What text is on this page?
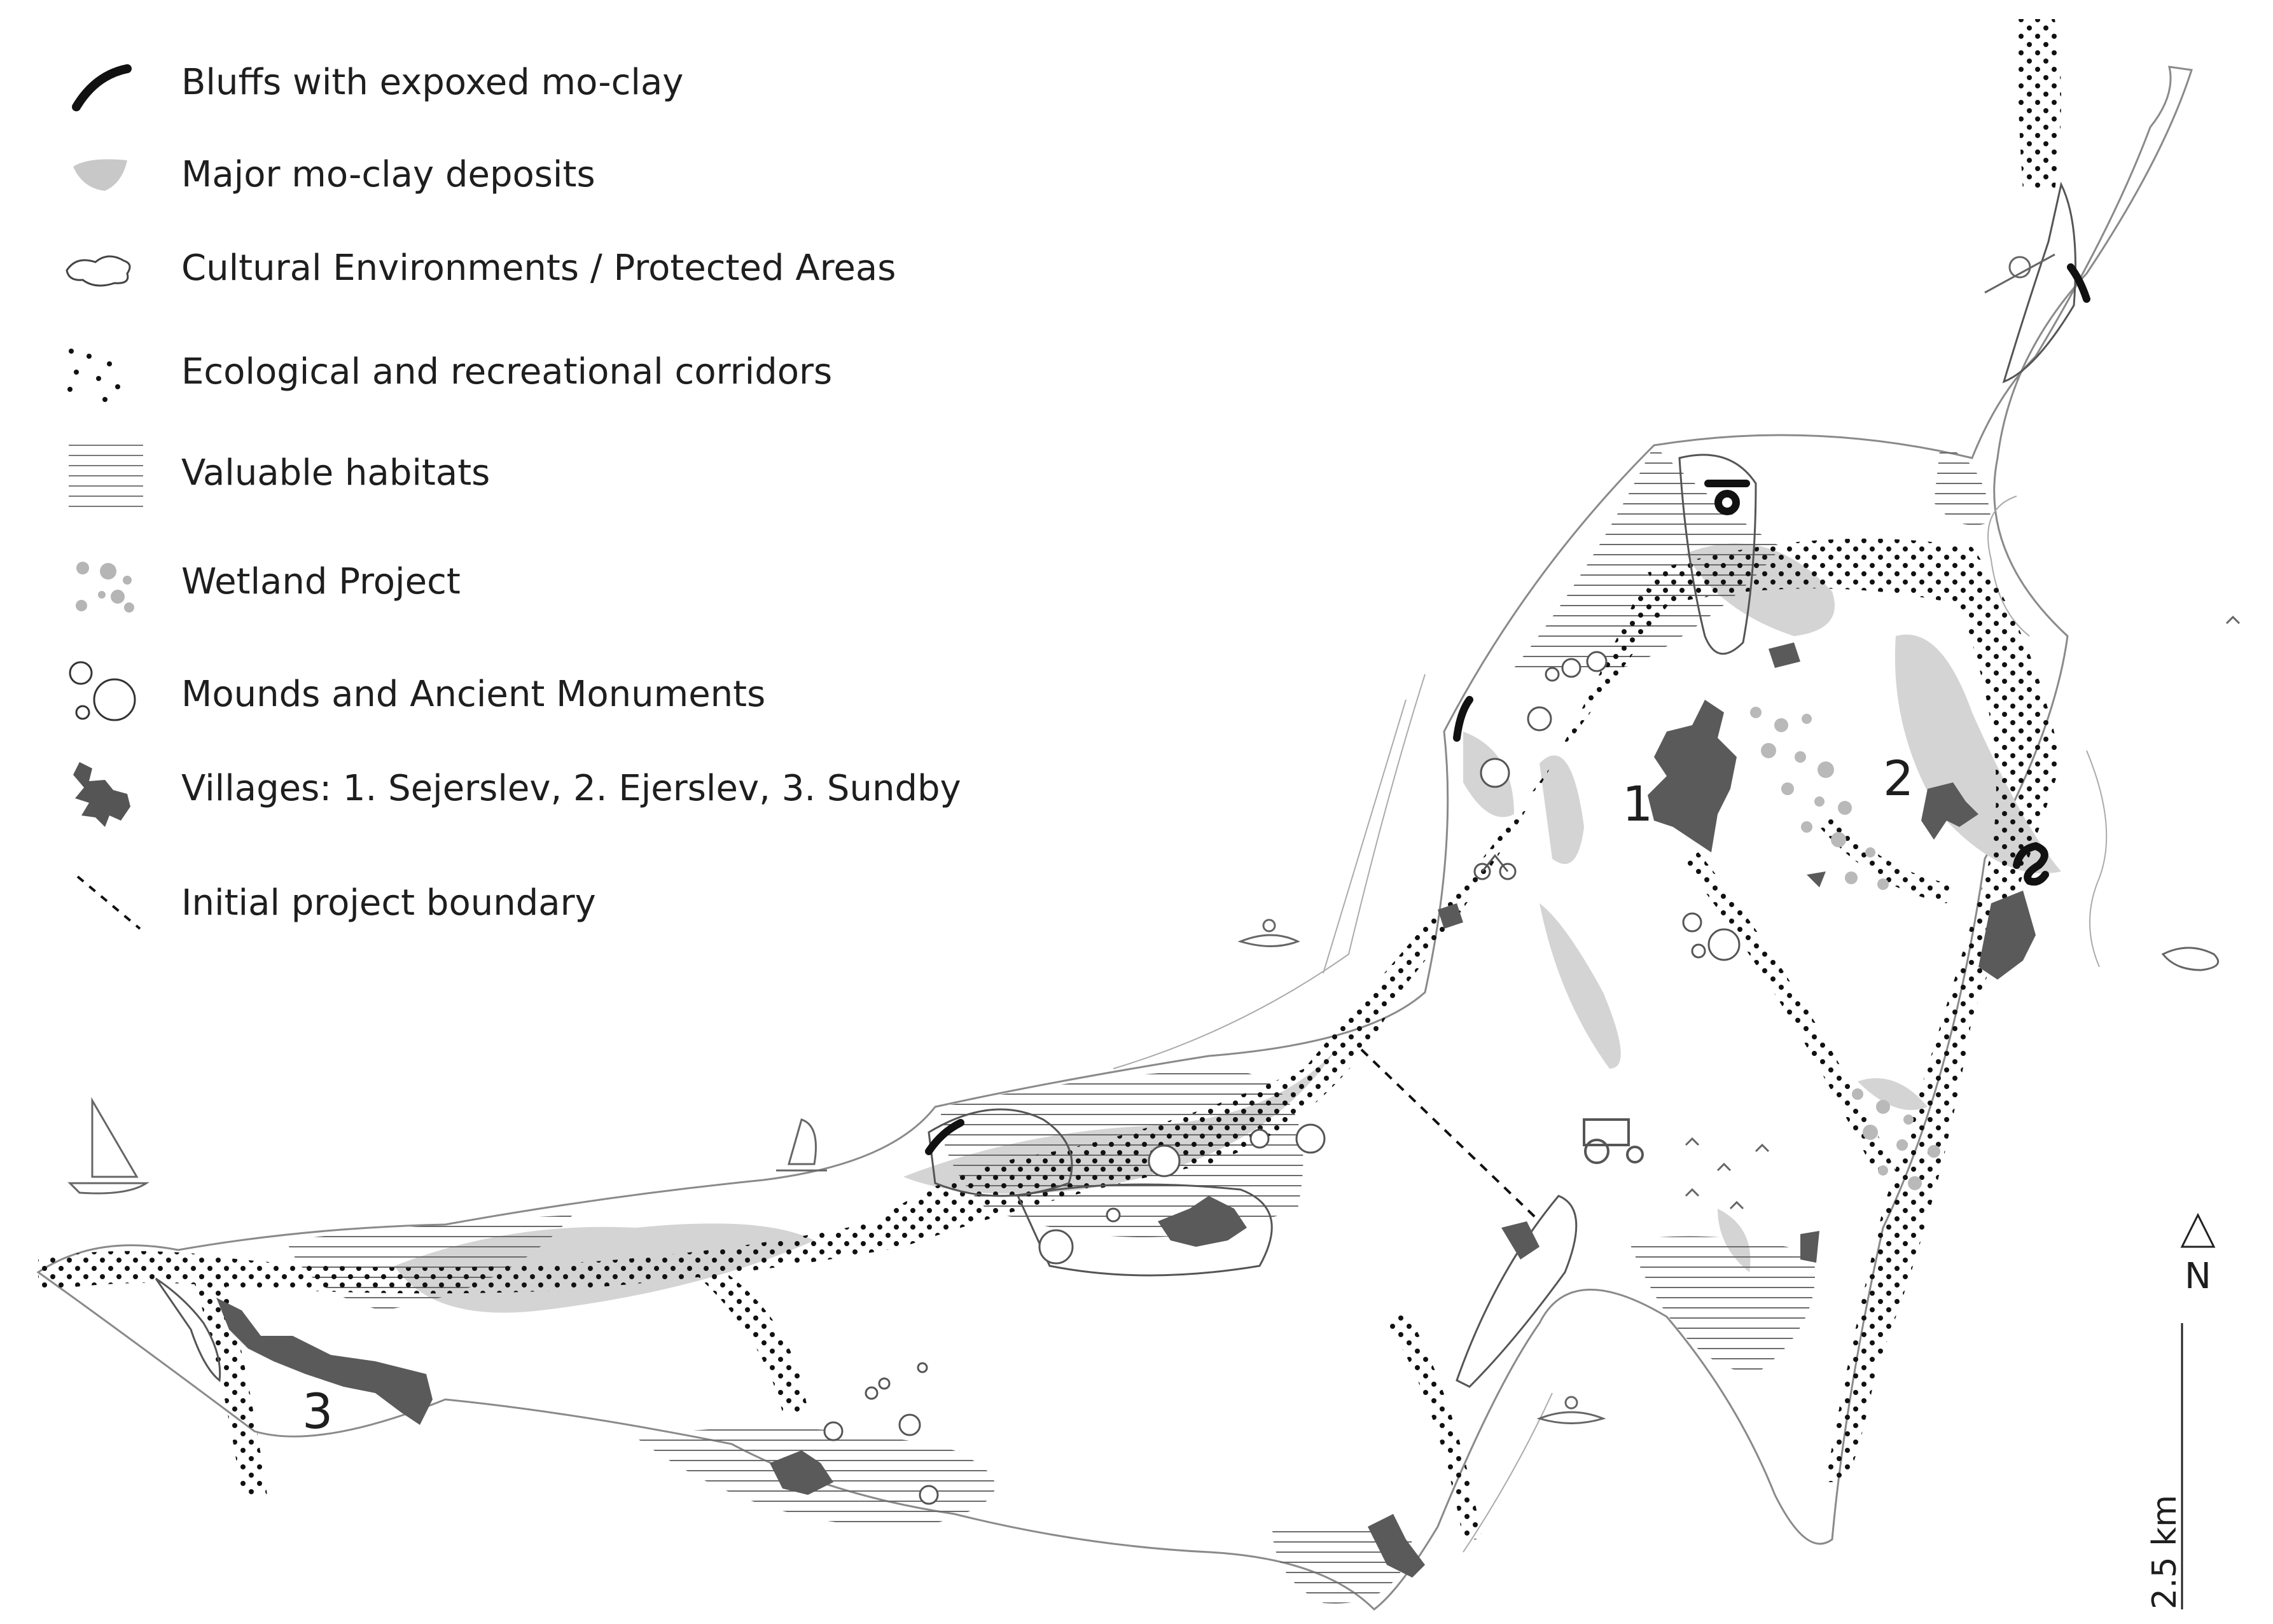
Bluffs with expoxed mo-clay
Major mo-clay deposits
Cultural Environments / Protected Areas
Ecological and recreational corridors
Valuable habitats
Wetland Project
Mounds and Ancient Monuments
Villages: 1. Sejerslev, 2. Ejerslev, 3. Sundby
Initial project boundary
1	2
3
N
2.5 km
